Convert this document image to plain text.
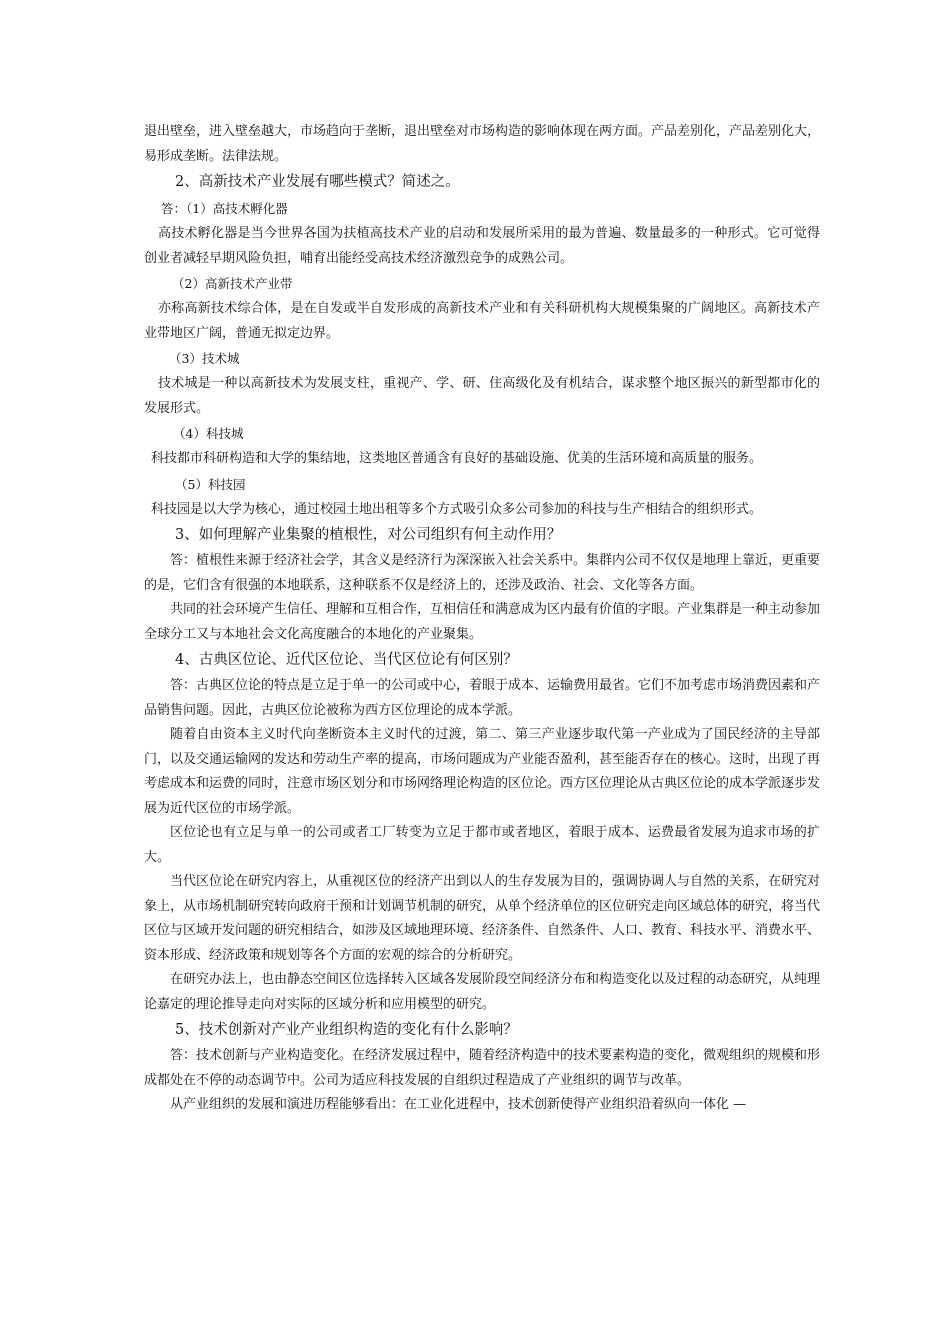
退出壁垒，进入壁垒越大，市场趋向于垄断，退出壁垒对市场构造的影响体现在两方面。产品差别化，产品差别化大，易形成垄断。法律法规。

2、高新技术产业发展有哪些模式？简述之。

答：（1）高技术孵化器

高技术孵化器是当今世界各国为扶植高技术产业的启动和发展所采用的最为普遍、数量最多的一种形式。它可觉得创业者减轻早期风险负担，哺育出能经受高技术经济激烈竞争的成熟公司。

（2）高新技术产业带

亦称高新技术综合体，是在自发或半自发形成的高新技术产业和有关科研机构大规模集聚的广阔地区。高新技术产业带地区广阔，普通无拟定边界。

（3）技术城

技术城是一种以高新技术为发展支柱，重视产、学、研、住高级化及有机结合，谋求整个地区振兴的新型都市化的发展形式。

（4）科技城

科技都市科研构造和大学的集结地，这类地区普通含有良好的基础设施、优美的生活环境和高质量的服务。

（5）科技园

科技园是以大学为核心，通过校园土地出租等多个方式吸引众多公司参加的科技与生产相结合的组织形式。

3、如何理解产业集聚的植根性，对公司组织有何主动作用？

答：植根性来源于经济社会学，其含义是经济行为深深嵌入社会关系中。集群内公司不仅仅是地理上靠近，更重要的是，它们含有很强的本地联系，这种联系不仅是经济上的，还涉及政治、社会、文化等各方面。

共同的社会环境产生信任、理解和互相合作，互相信任和满意成为区内最有价值的字眼。产业集群是一种主动参加全球分工又与本地社会文化高度融合的本地化的产业聚集。

4、古典区位论、近代区位论、当代区位论有何区别？

答：古典区位论的特点是立足于单一的公司或中心，着眼于成本、运输费用最省。它们不加考虑市场消费因素和产品销售问题。因此，古典区位论被称为西方区位理论的成本学派。

随着自由资本主义时代向垄断资本主义时代的过渡，第二、第三产业逐步取代第一产业成为了国民经济的主导部门，以及交通运输网的发达和劳动生产率的提高，市场问题成为产业能否盈利，甚至能否存在的核心。这时，出现了再考虑成本和运费的同时，注意市场区划分和市场网络理论构造的区位论。西方区位理论从古典区位论的成本学派逐步发展为近代区位的市场学派。

区位论也有立足与单一的公司或者工厂转变为立足于都市或者地区，着眼于成本、运费最省发展为追求市场的扩大。

当代区位论在研究内容上，从重视区位的经济产出到以人的生存发展为目的，强调协调人与自然的关系，在研究对象上，从市场机制研究转向政府干预和计划调节机制的研究，从单个经济单位的区位研究走向区域总体的研究，将当代区位与区域开发问题的研究相结合，如涉及区域地理环境、经济条件、自然条件、人口、教育、科技水平、消费水平、资本形成、经济政策和规划等各个方面的宏观的综合的分析研究。

在研究办法上，也由静态空间区位选择转入区域各发展阶段空间经济分布和构造变化以及过程的动态研究，从纯理论嘉定的理论推导走向对实际的区域分析和应用模型的研究。

5、技术创新对产业产业组织构造的变化有什么影响？

答：技术创新与产业构造变化。在经济发展过程中，随着经济构造中的技术要素构造的变化，微观组织的规模和形成都处在不停的动态调节中。公司为适应科技发展的自组织过程造成了产业组织的调节与改革。

从产业组织的发展和演进历程能够看出：在工业化进程中，技术创新使得产业组织沿着纵向一体化 —
